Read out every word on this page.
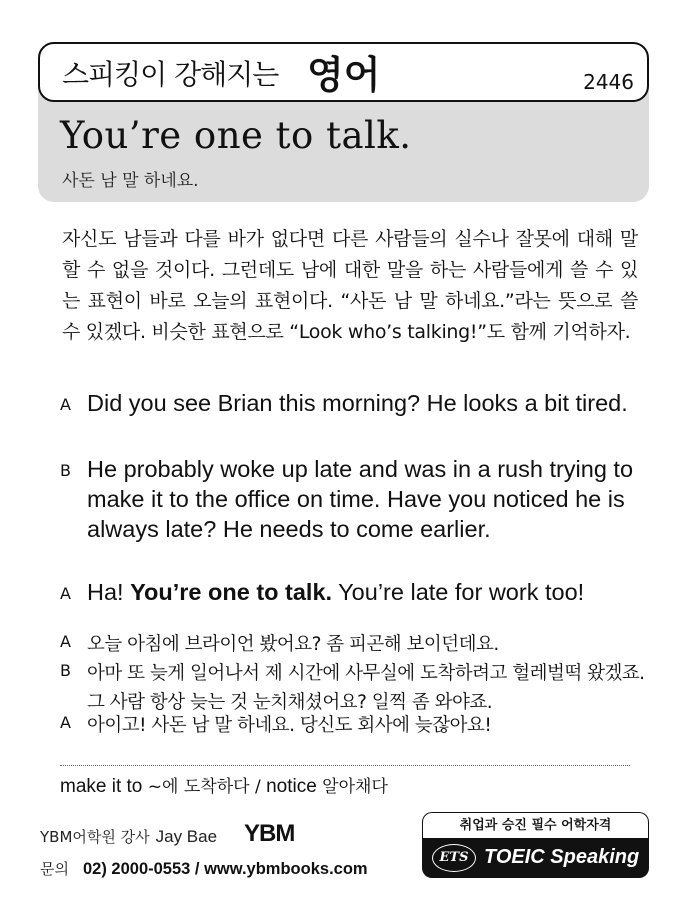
스피킹이 강해지는 영어	2446
You’re one to talk.
사돈 남 말 하네요.
자신도 남들과 다를 바가 없다면 다른 사람들의 실수나 잘못에 대해 말할 수 없을 것이다. 그런데도 남에 대한 말을 하는 사람들에게 쓸 수 있는 표현이 바로 오늘의 표현이다. “사돈 남 말 하네요.”라는 뜻으로 쓸 수 있겠다. 비슷한 표현으로 “Look who’s talking!”도 함께 기억하자.
A Did you see Brian this morning? He looks a bit tired.
B He probably woke up late and was in a rush trying to make it to the office on time. Have you noticed he is always late? He needs to come earlier.
A Ha! You’re one to talk. You’re late for work too!
A 오늘 아침에 브라이언 봤어요? 좀 피곤해 보이던데요.
B 아마 또 늦게 일어나서 제 시간에 사무실에 도착하려고 헐레벌떡 왔겠죠. 그 사람 항상 늦는 것 눈치채셨어요? 일찍 좀 와야죠.
A 아이고! 사돈 남 말 하네요. 당신도 회사에 늦잖아요!
make it to ~에 도착하다 / notice 알아채다
YBM어학원 강사 Jay Bae YBM
문의 02) 2000-0553 / www.ybmbooks.com
취업과 승진 필수 어학자격
ETS TOEIC Speaking
